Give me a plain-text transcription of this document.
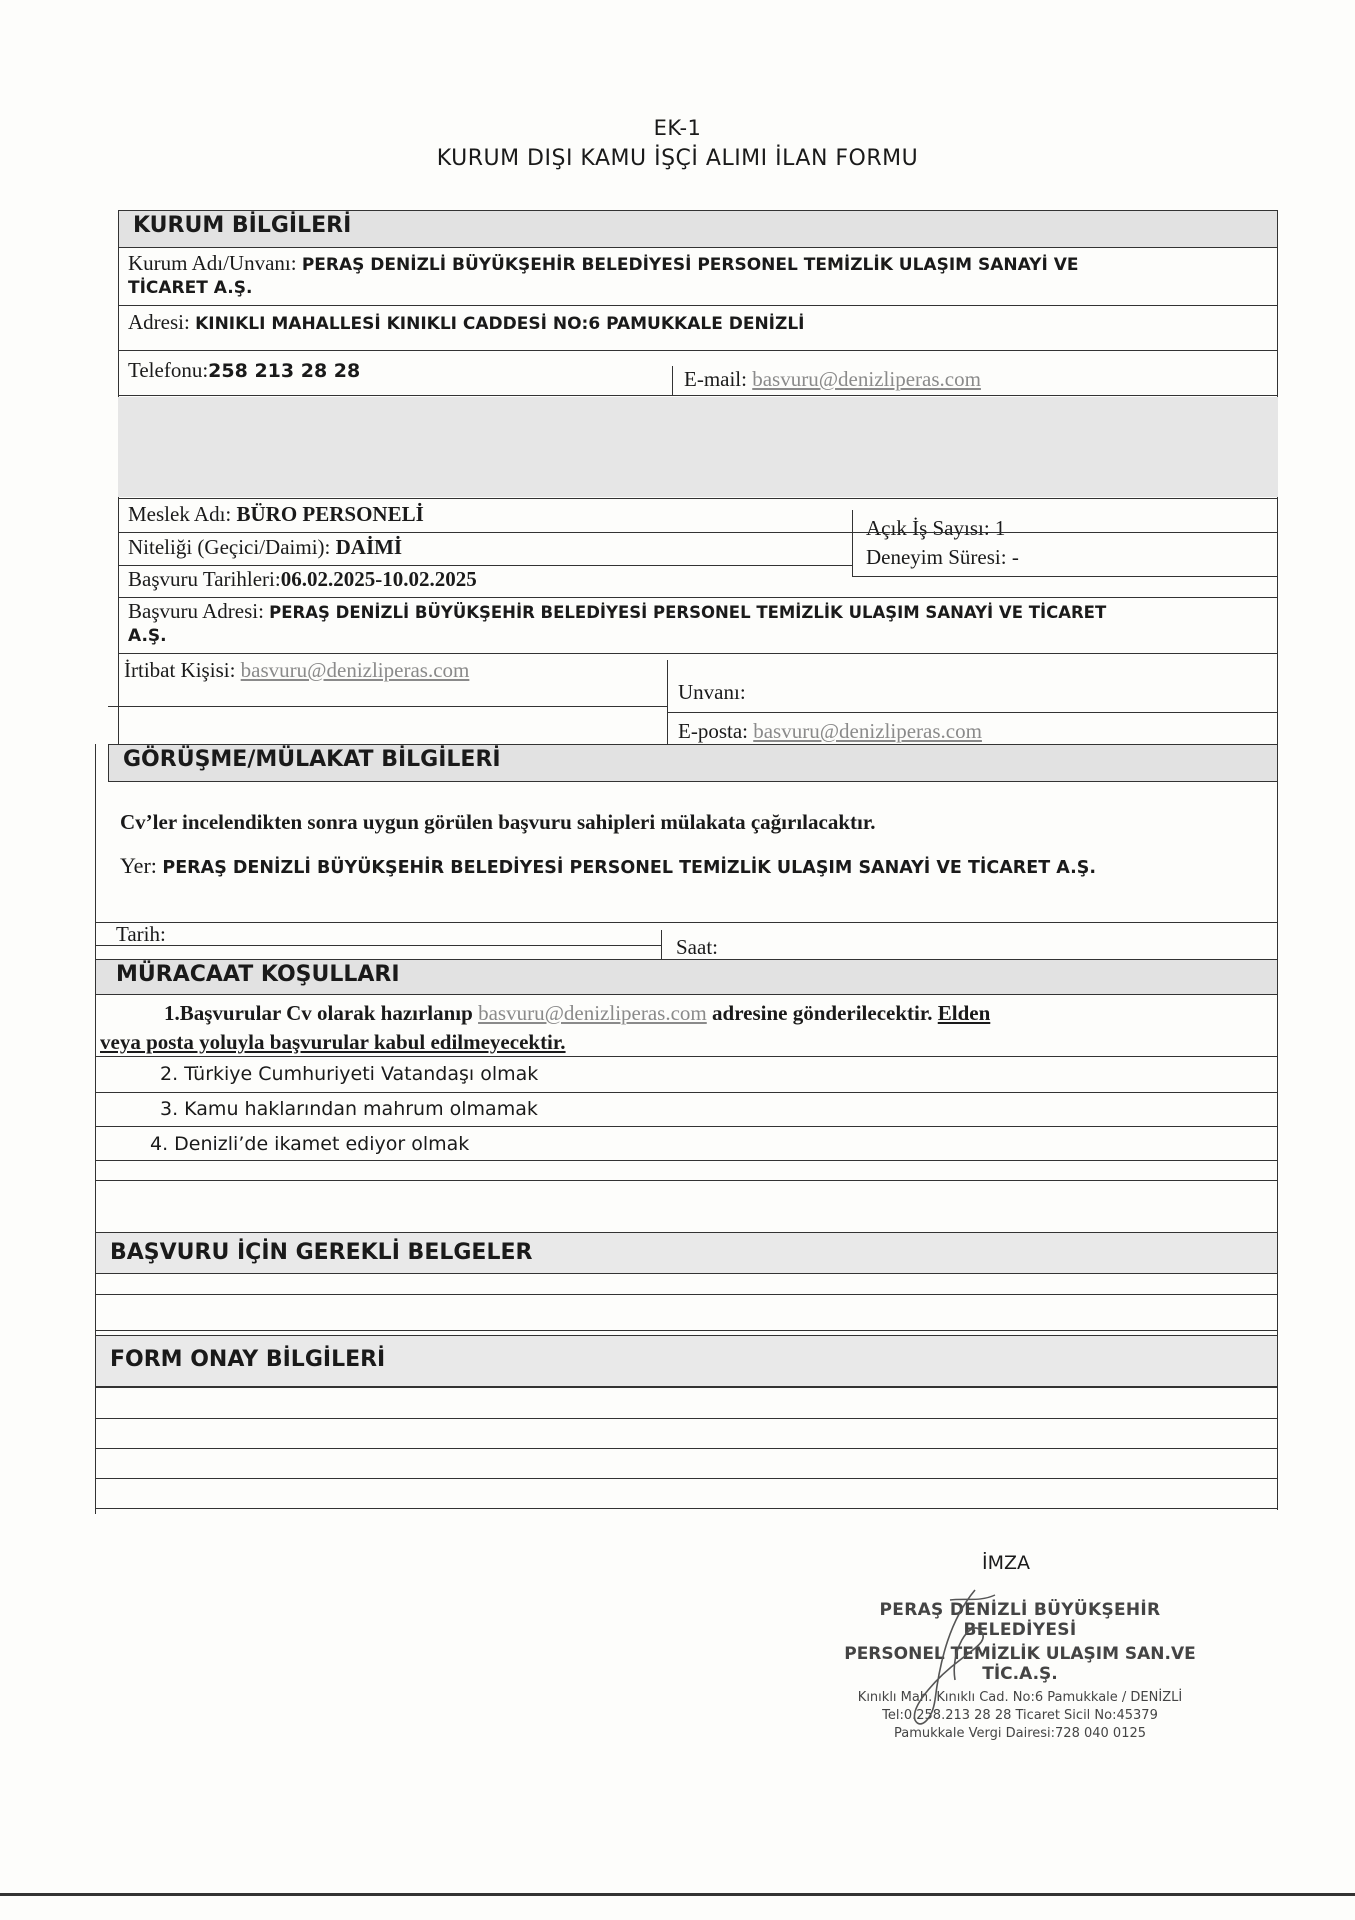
EK-1
KURUM DIŞI KAMU İŞÇİ ALIMI İLAN FORMU
KURUM BİLGİLERİ
Kurum Adı/Unvanı: PERAŞ DENİZLİ BÜYÜKŞEHİR BELEDİYESİ PERSONEL TEMİZLİK ULAŞIM SANAYİ VE
TİCARET A.Ş.
Adresi: KINIKLI MAHALLESİ KINIKLI CADDESİ NO:6 PAMUKKALE DENİZLİ
Telefonu:258 213 28 28	E-mail: basvuru@denizliperas.com
Meslek Adı: BÜRO PERSONELİ
Açık İş Sayısı: 1
Niteliği (Geçici/Daimi): DAİMİ	Deneyim Süresi: -
Başvuru Tarihleri:06.02.2025-10.02.2025
Başvuru Adresi: PERAŞ DENİZLİ BÜYÜKŞEHİR BELEDİYESİ PERSONEL TEMİZLİK ULAŞIM SANAYİ VE TİCARET
A.Ş.
İrtibat Kişisi: basvuru@denizliperas.com
Unvanı:
E-posta: basvuru@denizliperas.com
GÖRÜŞME/MÜLAKAT BİLGİLERİ
Cv’ler incelendikten sonra uygun görülen başvuru sahipleri mülakata çağırılacaktır.
Yer: PERAŞ DENİZLİ BÜYÜKŞEHİR BELEDİYESİ PERSONEL TEMİZLİK ULAŞIM SANAYİ VE TİCARET A.Ş.
Tarih:
Saat:
MÜRACAAT KOŞULLARI
1.Başvurular Cv olarak hazırlanıp basvuru@denizliperas.com adresine gönderilecektir. Elden
veya posta yoluyla başvurular kabul edilmeyecektir.
2. Türkiye Cumhuriyeti Vatandaşı olmak
3. Kamu haklarından mahrum olmamak
4. Denizli’de ikamet ediyor olmak
BAŞVURU İÇİN GEREKLİ BELGELER
FORM ONAY BİLGİLERİ
İMZA
PERAŞ DENİZLİ BÜYÜKŞEHİR BELEDİYESİ
PERSONEL TEMİZLİK ULAŞIM SAN.VE TİC.A.Ş.
Kınıklı Mah. Kınıklı Cad. No:6 Pamukkale / DENİZLİ
Tel:0.258.213 28 28 Ticaret Sicil No:45379
Pamukkale Vergi Dairesi:728 040 0125
